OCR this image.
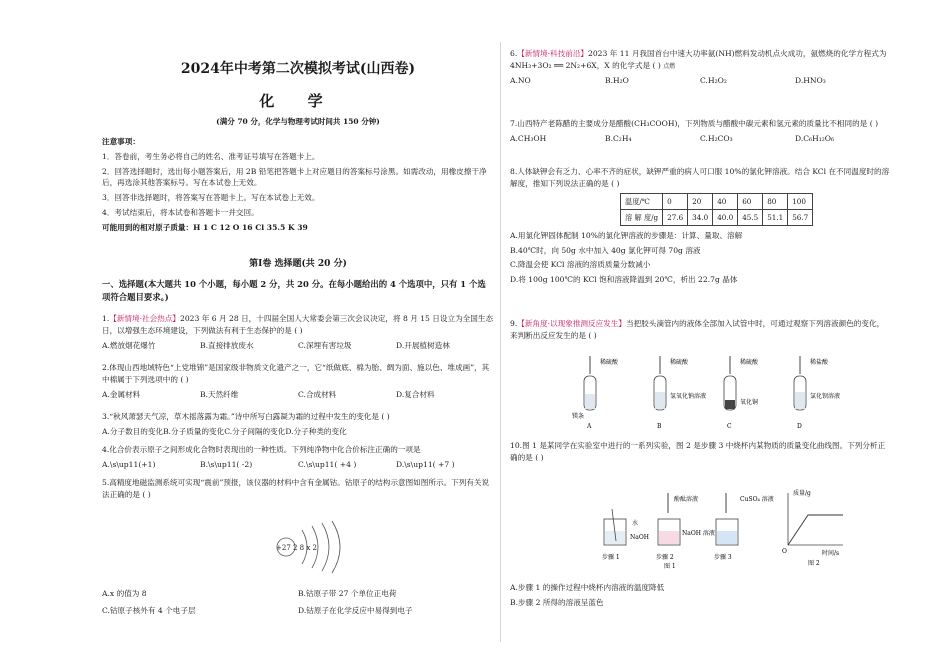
2024年中考第二次模拟考试(山西卷)
化 学
(满分 70 分，化学与物理考试时间共 150 分钟)
注意事项：
1．答卷前，考生务必将自己的姓名、准考证号填写在答题卡上。
2．回答选择题时，选出每小题答案后，用 2B 铅笔把答题卡上对应题目的答案标号涂黑。如需改动，用橡皮擦干净后，再选涂其他答案标号。写在本试卷上无效。
3．回答非选择题时，将答案写在答题卡上。写在本试卷上无效。
4．考试结束后，将本试卷和答题卡一并交回。
可能用到的相对原子质量：H 1 C 12 O 16 Cl 35.5 K 39
第Ⅰ卷 选择题(共 20 分)
一、选择题(本大题共 10 个小题，每小题 2 分，共 20 分。在每小题给出的 4 个选项中，只有 1 个选项符合题目要求。)
1.【新情境·社会热点】2023 年 6 月 28 日，十四届全国人大常委会第三次会议决定，将 8 月 15 日设立为全国生态日，以增强生态环境建设，下列做法有利于生态保护的是 ( )
A.燃放烟花爆竹	B.直接排放废水	C.深埋有害垃圾	D.开展植树造林
2.体现山西地域特色“上党堆锦”是国家级非物质文化遗产之一，它“纸做底、棉为胎、绸为面、施以色、堆成画”，其中棉属于下列选项中的 ( )
A.金属材料	B.天然纤维	C.合成材料	D.复合材料
3.“秋风萧瑟天气凉，草木摇落露为霜。”诗中所写白露凝为霜的过程中发生的变化是 ( )
A.分子数目的变化 B.分子质量的变化 C.分子间隔的变化 D.分子种类的变化
4.化合价表示原子之间形成化合物时表现出的一种性质。下列纯净物中化合价标注正确的一项是
A.\s\up11(+1)	B.\s\up11( -2)	C.\s\up11( +4 )	D.\s\up11( +7 )
5.高精度地磁监测系统可实现“震前”预报，该仪器的材料中含有金属钴。钴原子的结构示意图如图所示。下列有关说法正确的是 ( )
+27 2 8 x 2
A.x 的值为 8	B.钴原子带 27 个单位正电荷
C.钴原子核外有 4 个电子层	D.钴原子在化学反应中易得到电子
6.【新情境·科技前沿】2023 年 11 月我国首台中速大功率氨(NH)燃料发动机点火成功，氨燃烧的化学方程式为 4NH₃+3O₂ ══ 2N₂+6X，X 的化学式是 ( ) 点燃
A.NO	B.H₂O	C.H₂O₂	D.HNO₃
7.山西特产老陈醋的主要成分是醋酸(CH₃COOH)，下列物质与醋酸中碳元素和氢元素的质量比不相同的是 ( )
A.CH₃OH	B.C₂H₄	C.H₂CO₃	D.C₆H₁₂O₆
8.人体缺钾会有乏力、心率不齐的症状，缺钾严重的病人可口服 10%的氯化钾溶液。结合 KCl 在不同温度时的溶解度，推知下列说法正确的是 ( )
温度/℃	0	20	40	60	80	100
溶 解 度/g	27.6	34.0	40.0	45.5	51.1	56.7
A.用氯化钾固体配制 10%的氯化钾溶液的步骤是：计算、量取、溶解
B.40℃时，向 50g 水中加入 40g 氯化钾可得 70g 溶液
C.降温会使 KCl 溶液的溶质质量分数减小
D.将 100g 100℃的 KCl 饱和溶液降温到 20℃，析出 22.7g 晶体
9.【新角度·以现象推测反应发生】当把胶头滴管内的液体全部加入试管中时，可通过观察下列溶液颜色的变化，来判断出反应发生的是 ( )
稀硫酸
镁条
A
稀硫酸
氢氧化钠溶液
B
稀硫酸
氧化铜
C
稀盐酸
氯化钡溶液
D
10.图 1 是某同学在实验室中进行的一系列实验，图 2 是步骤 3 中烧杯内某物质的质量变化曲线图。下列分析正确的是 ( )
水
NaOH
步骤 1
酚酞溶液
NaOH 溶液
步骤 2
CuSO₄ 溶液
步骤 3
图 1
质量/g
时间/s
O
图 2
A.步骤 1 的操作过程中烧杯内溶液的温度降低
B.步骤 2 所得的溶液呈蓝色
